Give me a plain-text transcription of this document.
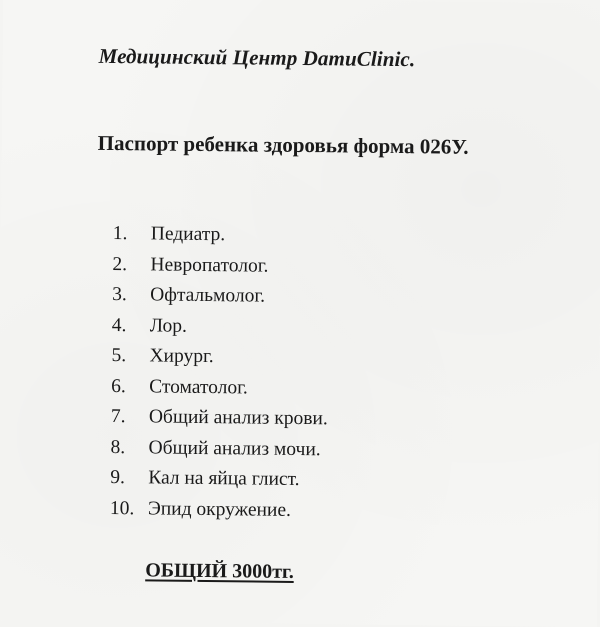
Медицинский Центр DamиClinic.
Паспорт ребенка здоровья форма 026У.
1.	Педиатр.
2.	Невропатолог.
3.	Офтальмолог.
4.	Лор.
5.	Хирург.
6.	Стоматолог.
7.	Общий анализ крови.
8.	Общий анализ мочи.
9.	Кал на яйца глист.
10. Эпид окружение.
ОБЩИЙ 3000тг.
